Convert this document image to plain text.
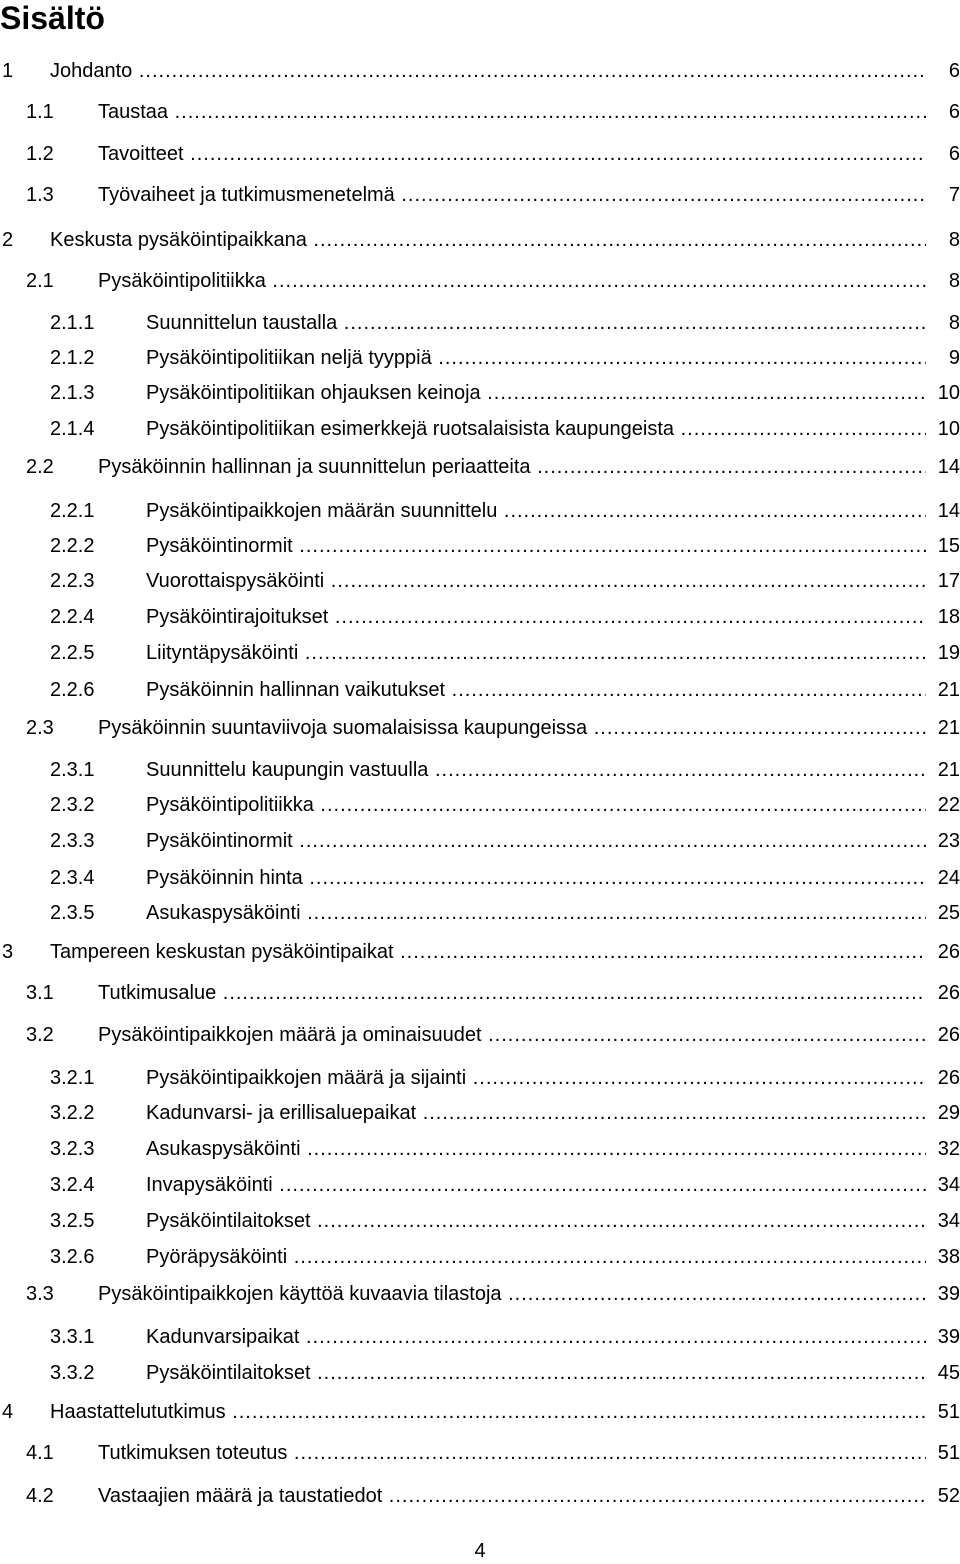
Sisältö
1 Johdanto .....	6
1.1 Taustaa .....	6
1.2 Tavoitteet .....	6
1.3 Työvaiheet ja tutkimusmenetelmä .....	7
2 Keskusta pysäköintipaikkana .....	8
2.1 Pysäköintipolitiikka .....	8
2.1.1	Suunnittelun taustalla .....	8
2.1.2	Pysäköintipolitiikan neljä tyyppiä .....	9
2.1.3	Pysäköintipolitiikan ohjauksen keinoja .....	10
2.1.4	Pysäköintipolitiikan esimerkkejä ruotsalaisista kaupungeista .....	10
2.2 Pysäköinnin hallinnan ja suunnittelun periaatteita .....	14
2.2.1	Pysäköintipaikkojen määrän suunnittelu .....	14
2.2.2	Pysäköintinormit .....	15
2.2.3	Vuorottaispysäköinti .....	17
2.2.4	Pysäköintirajoitukset .....	18
2.2.5	Liityntäpysäköinti .....	19
2.2.6	Pysäköinnin hallinnan vaikutukset .....	21
2.3 Pysäköinnin suuntaviivoja suomalaisissa kaupungeissa .....	21
2.3.1	Suunnittelu kaupungin vastuulla .....	21
2.3.2	Pysäköintipolitiikka .....	22
2.3.3	Pysäköintinormit .....	23
2.3.4	Pysäköinnin hinta .....	24
2.3.5	Asukaspysäköinti .....	25
3 Tampereen keskustan pysäköintipaikat .....	26
3.1 Tutkimusalue .....	26
3.2 Pysäköintipaikkojen määrä ja ominaisuudet .....	26
3.2.1	Pysäköintipaikkojen määrä ja sijainti .....	26
3.2.2	Kadunvarsi- ja erillisaluepaikat .....	29
3.2.3	Asukaspysäköinti .....	32
3.2.4	Invapysäköinti .....	34
3.2.5	Pysäköintilaitokset .....	34
3.2.6	Pyöräpysäköinti .....	38
3.3 Pysäköintipaikkojen käyttöä kuvaavia tilastoja .....	39
3.3.1	Kadunvarsipaikat .....	39
3.3.2	Pysäköintilaitokset .....	45
4 Haastattelututkimus .....	51
4.1 Tutkimuksen toteutus .....	51
4.2 Vastaajien määrä ja taustatiedot .....	52
4
